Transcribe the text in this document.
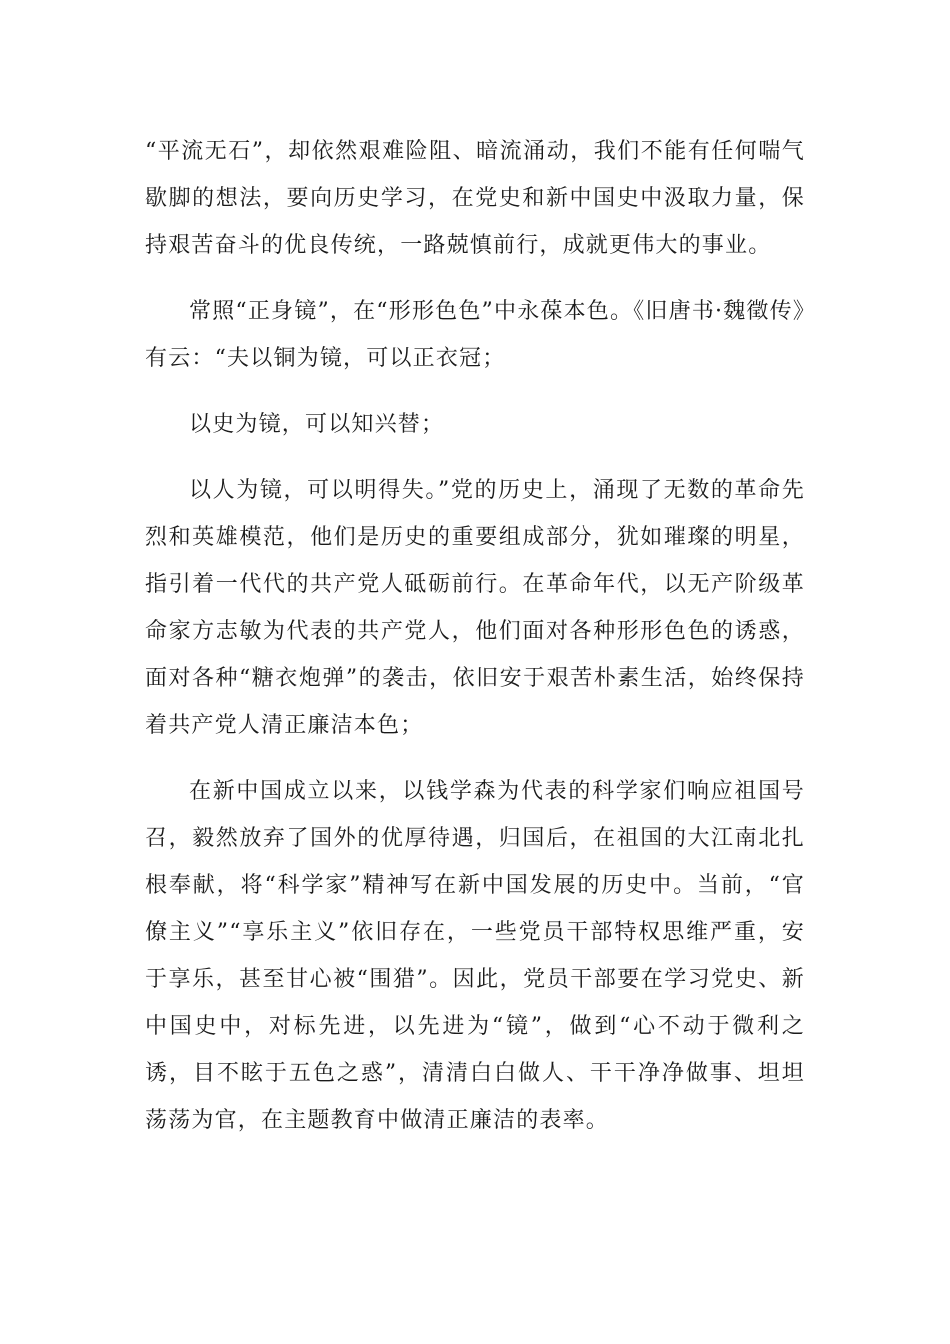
“平流无石”，却依然艰难险阻、暗流涌动，我们不能有任何喘气歇脚的想法，要向历史学习，在党史和新中国史中汲取力量，保持艰苦奋斗的优良传统，一路兢慎前行，成就更伟大的事业。

常照“正身镜”，在“形形色色”中永葆本色。《旧唐书·魏徵传》有云：“夫以铜为镜，可以正衣冠；

以史为镜，可以知兴替；

以人为镜，可以明得失。”党的历史上，涌现了无数的革命先烈和英雄模范，他们是历史的重要组成部分，犹如璀璨的明星，指引着一代代的共产党人砥砺前行。在革命年代，以无产阶级革命家方志敏为代表的共产党人，他们面对各种形形色色的诱惑，面对各种“糖衣炮弹”的袭击，依旧安于艰苦朴素生活，始终保持着共产党人清正廉洁本色；

在新中国成立以来，以钱学森为代表的科学家们响应祖国号召，毅然放弃了国外的优厚待遇，归国后，在祖国的大江南北扎根奉献，将“科学家”精神写在新中国发展的历史中。当前，“官僚主义”“享乐主义”依旧存在，一些党员干部特权思维严重，安于享乐，甚至甘心被“围猎”。因此，党员干部要在学习党史、新中国史中，对标先进，以先进为“镜”，做到“心不动于微利之诱，目不眩于五色之惑”，清清白白做人、干干净净做事、坦坦荡荡为官，在主题教育中做清正廉洁的表率。
